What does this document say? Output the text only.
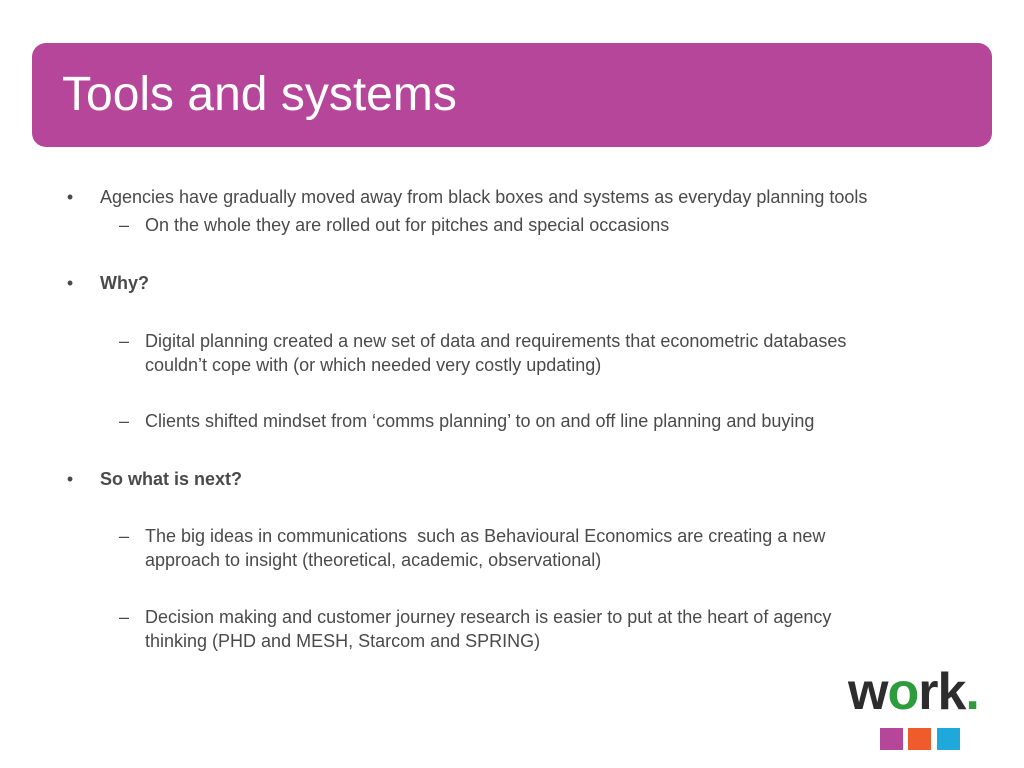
Tools and systems
•	Agencies have gradually moved away from black boxes and systems as everyday planning tools
– On the whole they are rolled out for pitches and special occasions
•	Why?
– Digital planning created a new set of data and requirements that econometric databases
couldn’t cope with (or which needed very costly updating)
– Clients shifted mindset from ‘comms planning’ to on and off line planning and buying
•	So what is next?
– The big ideas in communications  such as Behavioural Economics are creating a new
approach to insight (theoretical, academic, observational)
– Decision making and customer journey research is easier to put at the heart of agency
thinking (PHD and MESH, Starcom and SPRING)
work.
